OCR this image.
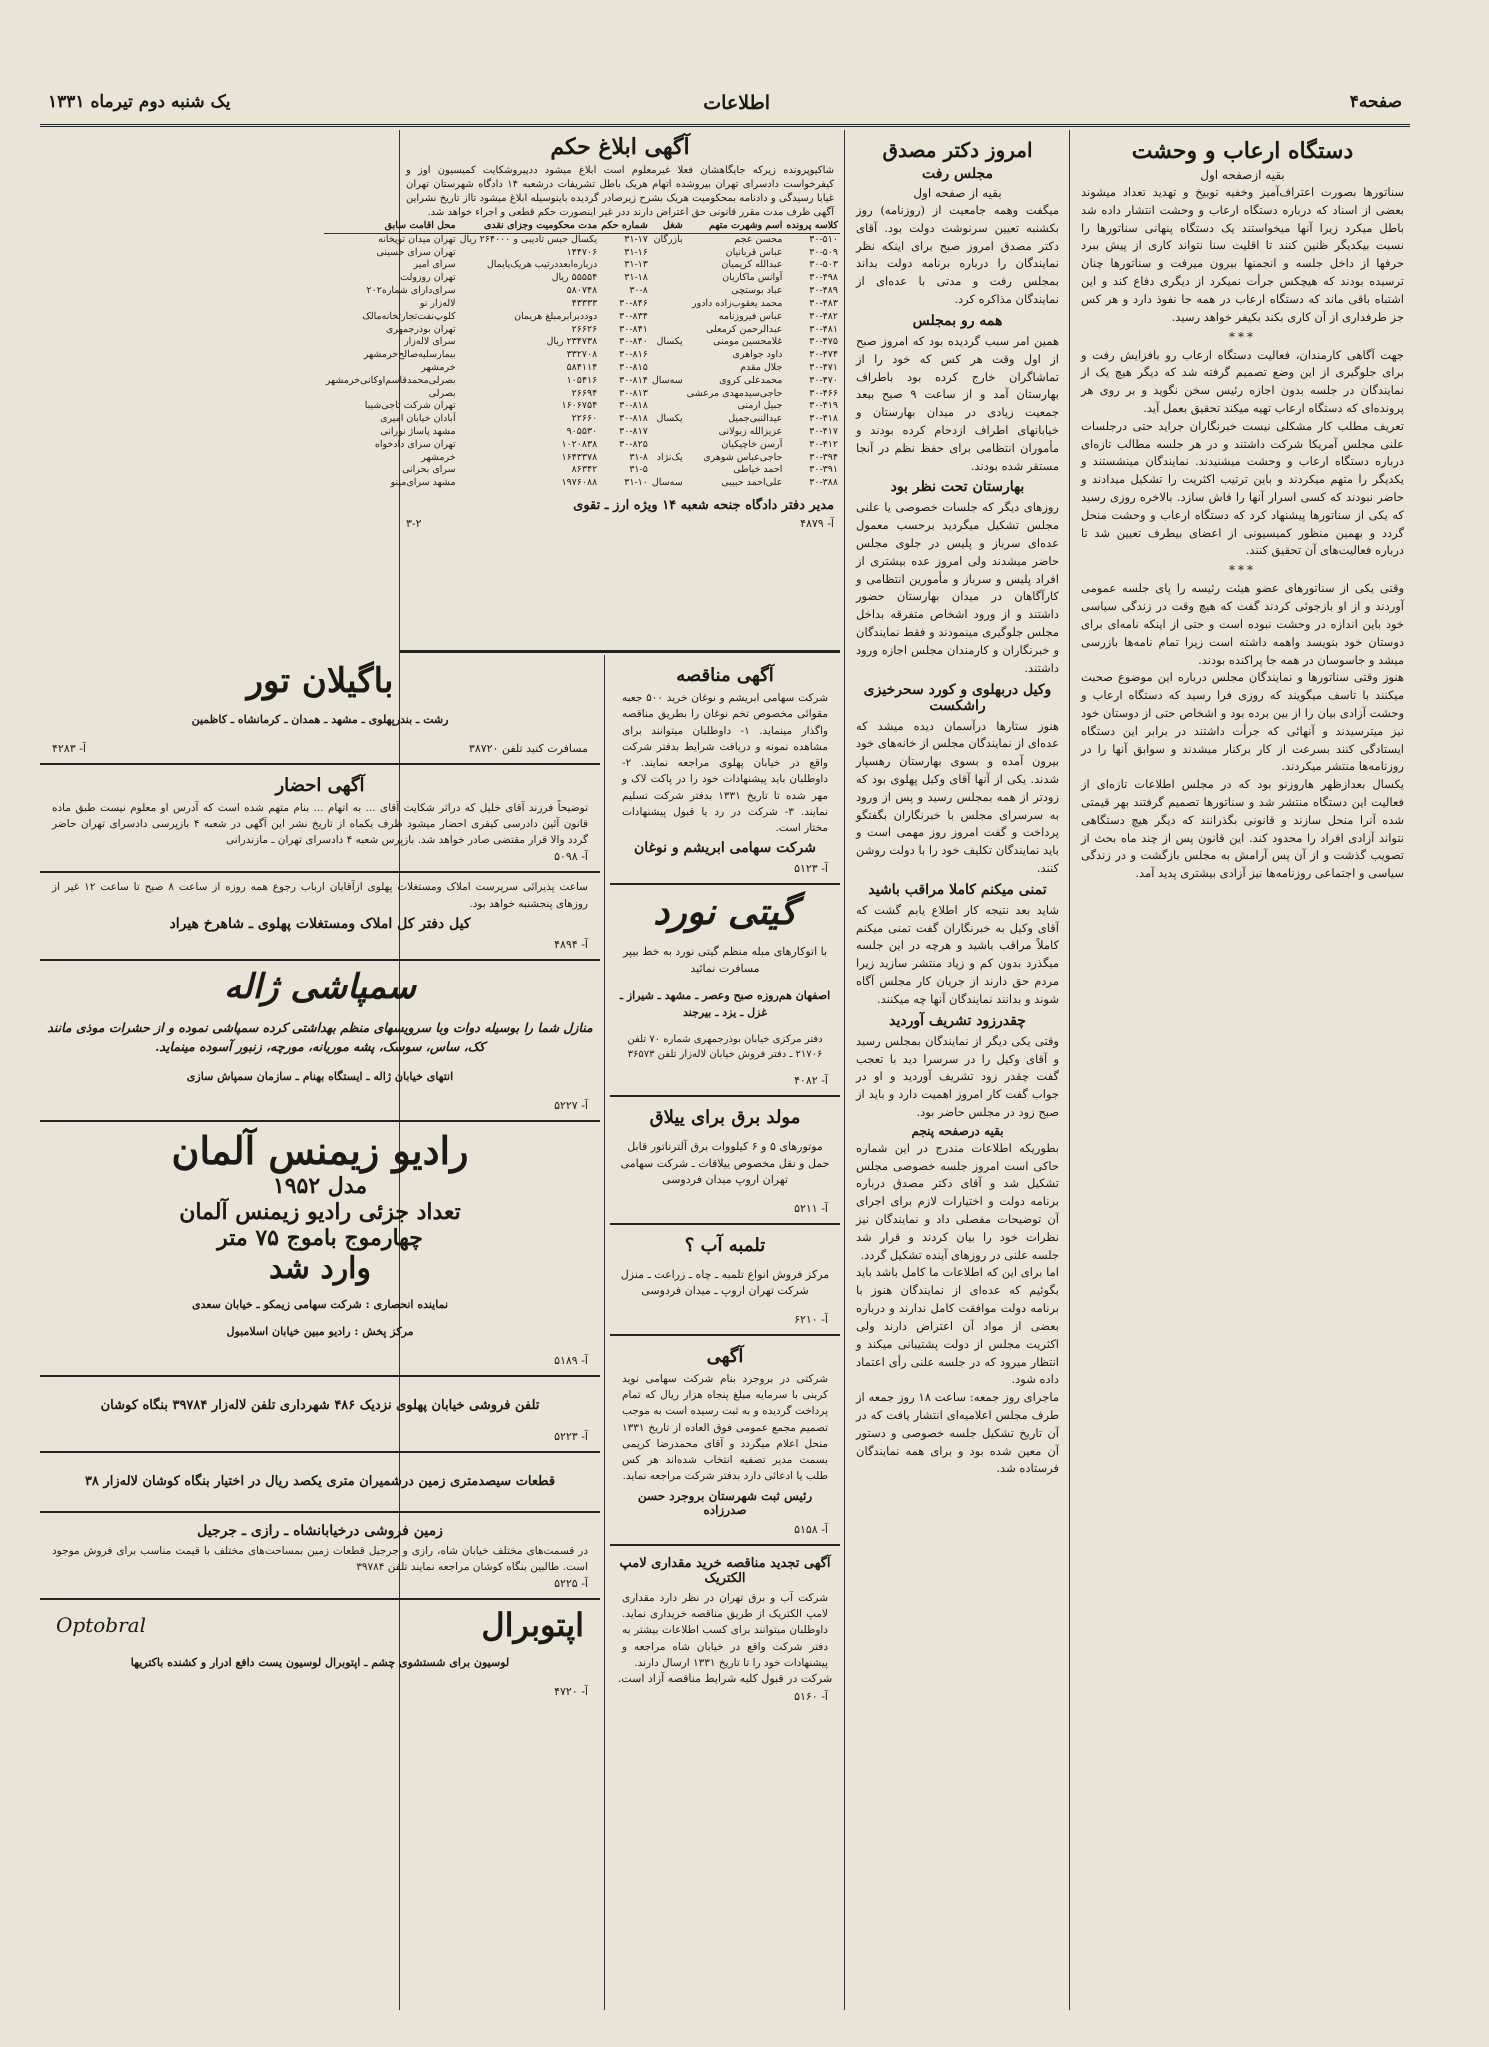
صفحه۴
اطلاعات
یک شنبه دوم تیرماه ۱۳۳۱
دستگاه ارعاب و وحشت
بقیه ازصفحه اول

سناتورها بصورت اعتراف‌آمیز وخفیه توبیخ و تهدید تعداد میشوند بعضی از اسناد که درباره دستگاه ارعاب و وحشت انتشار داده شد باطل میکرد زیرا آنها میخواستند یک دستگاه پنهانی سناتورها را نسبت بیکدیگر ظنین کنند تا اقلیت سنا نتواند کاری از پیش ببرد حرفها از داخل جلسه و انجمنها بیرون میرفت و سناتورها چنان ترسیده بودند که هیچکس جرأت نمیکرد از دیگری دفاع کند و این اشتباه باقی ماند که دستگاه ارعاب در همه جا نفوذ دارد و هر کس جز طرفداری از آن کاری بکند بکیفر خواهد رسید.

***

جهت آگاهی کارمندان، فعالیت دستگاه ارعاب رو بافزایش رفت و برای جلوگیری از این وضع تصمیم گرفته شد که دیگر هیچ یک از نمایندگان در جلسه بدون اجازه رئیس سخن نگوید و بر روی هر پرونده‌ای که دستگاه ارعاب تهیه میکند تحقیق بعمل آید.

تعریف مطلب کار مشکلی نیست خبرنگاران جراید حتی درجلسات علنی مجلس آمریکا شرکت داشتند و در هر جلسه مطالب تازه‌ای درباره دستگاه ارعاب و وحشت میشنیدند. نمایندگان مینشستند و یکدیگر را متهم میکردند و باین ترتیب اکثریت را تشکیل میدادند و حاضر نبودند که کسی اسرار آنها را فاش سازد. بالاخره روزی رسید که یکی از سناتورها پیشنهاد کرد که دستگاه ارعاب و وحشت منحل گردد و بهمین منظور کمیسیونی از اعضای بیطرف تعیین شد تا درباره فعالیت‌های آن تحقیق کنند.

***

وقتی یکی از سناتورهای عضو هیئت رئیسه را پای جلسه عمومی آوردند و از او بازجوئی کردند گفت که هیچ وقت در زندگی سیاسی خود باین اندازه در وحشت نبوده است و حتی از اینکه نامه‌ای برای دوستان خود بنویسد واهمه داشته است زیرا تمام نامه‌ها بازرسی میشد و جاسوسان در همه جا پراکنده بودند.

هنوز وقتی سناتورها و نمایندگان مجلس درباره این موضوع صحبت میکنند با تاسف میگویند که روزی فرا رسید که دستگاه ارعاب و وحشت آزادی بیان را از بین برده بود و اشخاص حتی از دوستان خود نیز میترسیدند و آنهائی که جرأت داشتند در برابر این دستگاه ایستادگی کنند بسرعت از کار برکنار میشدند و سوابق آنها را در روزنامه‌ها منتشر میکردند.

یکسال بعدازظهر هاروزنو بود که در مجلس اطلاعات تازه‌ای از فعالیت این دستگاه منتشر شد و سناتورها تصمیم گرفتند بهر قیمتی شده آنرا منحل سازند و قانونی بگذرانند که دیگر هیچ دستگاهی نتواند آزادی افراد را محدود کند. این قانون پس از چند ماه بحث از تصویب گذشت و از آن پس آرامش به مجلس بازگشت و در زندگی سیاسی و اجتماعی روزنامه‌ها نیز آزادی بیشتری پدید آمد.

امروز دکتر مصدق
مجلس رفت
بقیه از صفحه اول

میگفت وهمه جامعیت از (روزنامه) روز بکشنبه تعیین سرنوشت دولت بود. آقای دکتر مصدق امروز صبح برای اینکه نظر نمایندگان را درباره برنامه دولت بداند بمجلس رفت و مدتی با عده‌ای از نمایندگان مذاکره کرد.

همه رو بمجلس

همین امر سبب گردیده بود که امروز صبح از اول وقت هر کس که خود را از تماشاگران خارج کرده بود باطراف بهارستان آمد و از ساعت ۹ صبح ببعد جمعیت زیادی در میدان بهارستان و خیابانهای اطراف ازدحام کرده بودند و مأموران انتظامی برای حفظ نظم در آنجا مستقر شده بودند.

بهارستان تحت نظر بود

روزهای دیگر که جلسات خصوصی یا علنی مجلس تشکیل میگردید برحسب معمول عده‌ای سرباز و پلیس در جلوی مجلس حاضر میشدند ولی امروز عده بیشتری از افراد پلیس و سرباز و مأمورین انتظامی و کارآگاهان در میدان بهارستان حضور داشتند و از ورود اشخاص متفرقه بداخل مجلس جلوگیری مینمودند و فقط نمایندگان و خبرنگاران و کارمندان مجلس اجازه ورود داشتند.

وکیل دربهلوی و کورد سحرخیزی راشکست

هنوز ستارها درآسمان دیده میشد که عده‌ای از نمایندگان مجلس از خانه‌های خود بیرون آمده و بسوی بهارستان رهسپار شدند. یکی از آنها آقای وکیل پهلوی بود که زودتر از همه بمجلس رسید و پس از ورود به سرسرای مجلس با خبرنگاران بگفتگو پرداخت و گفت امروز روز مهمی است و باید نمایندگان تکلیف خود را با دولت روشن کنند.

تمنی میکنم کاملا مراقب باشید

شاید بعد نتیجه کار اطلاع یابم گشت که آقای وکیل به خبرنگاران گفت تمنی میکنم کاملاً مراقب باشید و هرچه در این جلسه میگذرد بدون کم و زیاد منتشر سازید زیرا مردم حق دارند از جریان کار مجلس آگاه شوند و بدانند نمایندگان آنها چه میکنند.

چقدرزود تشریف آوردید

وقتی یکی دیگر از نمایندگان بمجلس رسید و آقای وکیل را در سرسرا دید با تعجب گفت چقدر زود تشریف آوردید و او در جواب گفت کار امروز اهمیت دارد و باید از صبح زود در مجلس حاضر بود.

بقیه درصفحه پنجم

بطوریکه اطلاعات مندرج در این شماره حاکی است امروز جلسه خصوصی مجلس تشکیل شد و آقای دکتر مصدق درباره برنامه دولت و اختیارات لازم برای اجرای آن توضیحات مفصلی داد و نمایندگان نیز نظرات خود را بیان کردند و قرار شد جلسه علنی در روزهای آینده تشکیل گردد.

اما برای این که اطلاعات ما کامل باشد باید بگوئیم که عده‌ای از نمایندگان هنوز با برنامه دولت موافقت کامل ندارند و درباره بعضی از مواد آن اعتراض دارند ولی اکثریت مجلس از دولت پشتیبانی میکند و انتظار میرود که در جلسه علنی رأی اعتماد داده شود.

ماجرای روز جمعه: ساعت ۱۸ روز جمعه از طرف مجلس اعلامیه‌ای انتشار یافت که در آن تاریخ تشکیل جلسه خصوصی و دستور آن معین شده بود و برای همه نمایندگان فرستاده شد.

آگهی ابلاغ حکم

شاکیوپرونده زیرکه جایگاهشان فعلا غیرمعلوم است ابلاغ میشود ددپیروشکایت کمیسیون اوز و کیفرخواست دادسرای تهران بیروشده اتهام هریک باطل تشریفات درشعبه ۱۴ دادگاه شهرستان تهران غیابا رسیدگی و دادنامه بمحکومیت هریک بشرح زیرصادر گردیده باینوسیله ابلاغ میشود تااز تاریخ نشراین آگهی ظرف مدت مقرر قانونی حق اعتراض دارند ددر غیر اینصورت حکم قطعی و اجراء خواهد شد.

کلاسه پرونده	اسم وشهرت متهم	شغل	شماره حکم	مدت محکومیت وجزای نقدی	محل اقامت سابق
۳۰-۵۱۰	محسن عجم	بازرگان	۳۱-۱۷	یکسال حبس تادیبی و ۲۶۴۰۰۰ ریال	تهران میدان توپخانه
۳۰-۵۰۹	عباس قربانیان		۳۱-۱۶	۱۴۴۷۰۶	تهران سرای حسینی
۳۰-۵۰۳	عبدالله کریمیان		۳۱-۱۳	درباره‌ابعددرتیب هریک‌پایمال	سرای امیر
۳۰-۴۹۸	آوانس ماکاریان		۳۱-۱۸	۵۵۵۵۴ ریال	تهران روزولت
۳۰-۴۸۹	عباد بوستچی		۳۰-۸	۵۸۰۷۴۸	سرای‌دارای شماره۲۰۲
۳۰-۴۸۳	محمد یعقوب‌زاده دادور		۳۰-۸۴۶	۴۳۳۳۳	لاله‌زار نو
۳۰-۴۸۲	عباس فیروزنامه		۳۰-۸۳۴	دوددبرابرمبلغ هریمان	کلوپ‌نفت‌تجارتخانه‌مالک
۳۰-۴۸۱	عبدالرحمن کرمعلی		۳۰-۸۴۱	۲۶۶۲۶	تهران بوذرجمهری
۳۰-۴۷۵	غلامحسین مومنی	یکسال	۳۰-۸۴۰	۲۳۴۷۳۸ ریال	سرای لاله‌زار
۳۰-۴۷۴	داود جواهری		۳۰-۸۱۶	۳۳۲۷۰۸	بیمارسلیه‌صالح‌خرمشهر
۳۰-۴۷۱	جلال مقدم		۳۰-۸۱۵	۵۸۴۱۱۴	خرمشهر
۳۰-۴۷۰	محمدعلی کروی	سه‌سال	۳۰-۸۱۴	۱۰۵۴۱۶	بصرلی‌محمدقاسم‌اوکانی‌خرمشهر
۳۰-۴۶۶	حاجی‌سیدمهدی مرعشی		۳۰-۸۱۳	۲۶۶۹۴	بصرلی
۳۰-۴۱۹	جبیل ارمنی		۳۰-۸۱۸	۱۶۰۶۷۵۴	تهران شرکت تاجی‌شیبا
۳۰-۴۱۸	عیدالنبی‌جمیل	یکسال	۳۰-۸۱۸	۲۲۶۶۰	آبادان خیابان امیری
۳۰-۴۱۷	عزیزالله زبولانی		۳۰-۸۱۷	۹۰۵۵۳۰	مشهد پاساژ نورانی
۳۰-۴۱۲	آرسن خاچیکیان		۳۰-۸۲۵	۱۰۲۰۸۳۸	تهران سرای دادخواه
۳۰-۳۹۴	حاجی‌عباس شوهری	یک‌نژاد	۳۱-۸	۱۶۴۳۳۷۸	خرمشهر
۳۰-۳۹۱	احمد خیاطی		۳۱-۵	۸۶۳۴۲	سرای بحرانی
۳۰-۳۸۸	علی‌احمد حبیبی	سه‌سال	۳۱-۱۰	۱۹۷۶۰۸۸	مشهد سرای‌مینو
مدیر دفتر دادگاه جنحه شعبه ۱۴ ویژه ارز ـ تقوی
آ- ۴۸۷۹
۳-۲
آگهی مناقصه

شرکت سهامی ابریشم و نوغان خرید ۵۰۰ جعبه مقوائی مخصوص تخم نوغان را بطریق مناقصه واگذار مینماید. ۱- داوطلبان میتوانند برای مشاهده نمونه و دریافت شرایط بدفتر شرکت واقع در خیابان پهلوی مراجعه نمایند. ۲- داوطلبان باید پیشنهادات خود را در پاکت لاک و مهر شده تا تاریخ ۱۳۳۱ بدفتر شرکت تسلیم نمایند. ۳- شرکت در رد یا قبول پیشنهادات مختار است.

شرکت سهامی ابریشم و نوغان
آ- ۵۱۲۳
گیتی نورد

با اتوکارهای مبله منظم گیتی نورد به خط بیپر مسافرت نمائید

اصفهان هم‌روزه صبح وعصر ـ مشهد ـ شیراز ـ غزل ـ یزد ـ بیرجند

دفتر مرکزی خیابان بوذرجمهری شماره ۷۰ تلفن ۲۱۷۰۶ ـ دفتر فروش خیابان لاله‌زار تلفن ۳۶۵۷۳

آ- ۴۰۸۲
مولد برق برای ییلاق

موتورهای ۵ و ۶ کیلووات برق آلترناتور قابل حمل و نقل مخصوص ییلاقات ـ شرکت سهامی تهران اروپ میدان فردوسی

آ- ۵۲۱۱
تلمبه آب ؟

مرکز فروش انواع تلمبه ـ چاه ـ زراعت ـ منزل شرکت تهران اروپ ـ میدان فردوسی

آ- ۶۲۱۰
آگهی

شرکتی در بروجرد بنام شرکت سهامی نوید کربنی با سرمایه مبلغ پنجاه هزار ریال که تمام پرداخت گردیده و به ثبت رسیده است به موجب تصمیم مجمع عمومی فوق العاده از تاریخ ۱۳۳۱ منحل اعلام میگردد و آقای محمدرضا کریمی بسمت مدیر تصفیه انتخاب شده‌اند هر کس طلب یا ادعائی دارد بدفتر شرکت مراجعه نماید.

رئیس ثبت شهرستان بروجرد حسن صدرزاده
آ- ۵۱۵۸
آگهی تجدید مناقصه خرید مقداری لامپ الکتریک

شرکت آب و برق تهران در نظر دارد مقداری لامپ الکتریک از طریق مناقصه خریداری نماید. داوطلبان میتوانند برای کسب اطلاعات بیشتر به دفتر شرکت واقع در خیابان شاه مراجعه و پیشنهادات خود را تا تاریخ ۱۳۳۱ ارسال دارند.

شرکت در قبول کلیه شرایط مناقصه آزاد است.
آ- ۵۱۶۰
باگیلان تور

رشت ـ بندرپهلوی ـ مشهد ـ همدان ـ کرمانشاه ـ کاظمین

مسافرت کنید تلفن ۳۸۷۲۰
آ- ۴۲۸۳
آگهی احضار

توضیحاً فرزند آقای خلیل که دراثر شکایت آقای ... به اتهام ... بنام متهم شده است که آدرس او معلوم نیست طبق ماده قانون آئین دادرسی کیفری احضار میشود ظرف یکماه از تاریخ نشر این آگهی در شعبه ۴ بازپرسی دادسرای تهران حاضر گردد والا قرار مقتضی صادر خواهد شد. بازپرس شعبه ۴ دادسرای تهران ـ مازندرانی

آ- ۵۰۹۸

ساعت پذیرائی سرپرست املاک ومستغلات پهلوی ازآقایان ارباب رجوع همه روزه از ساعت ۸ صبح تا ساعت ۱۲ غیر از روزهای پنجشنبه خواهد بود.

کیل دفتر کل املاک ومستغلات پهلوی ـ شاهرخ هیراد
آ- ۴۸۹۴
سمپاشی ژاله

منازل شما را بوسیله دوات وبا سرویسهای منظم بهداشتی کرده سمپاشی نموده و از حشرات موذی مانند کک، ساس، سوسک، پشه موریانه، مورچه، زنبور آسوده مینماید.

انتهای خیابان ژاله ـ ایستگاه بهنام ـ سازمان سمپاش سازی

آ- ۵۲۲۷
رادیو زیمنس آلمان
مدل ۱۹۵۲
تعداد جزئی رادیو زیمنس آلمان
چهارموج باموج ۷۵ متر
وارد شد

نماینده انحصاری : شرکت سهامی زیمکو ـ خیابان سعدی

مرکز پخش : رادیو مبین خیابان اسلامبول

آ- ۵۱۸۹

تلفن فروشی خیابان پهلوی نزدیک ۴۸۶ شهرداری تلفن لاله‌زار ۳۹۷۸۴ بنگاه کوشان

آ- ۵۲۲۳

قطعات سیصدمتری زمین درشمیران متری یکصد ریال در اختیار بنگاه کوشان لاله‌زار ۳۸

زمین فروشی درخیابانشاه ـ رازی ـ جرجیل

در قسمت‌های مختلف خیابان شاه، رازی و جرجیل قطعات زمین بمساحت‌های مختلف با قیمت مناسب برای فروش موجود است. طالبین بنگاه کوشان مراجعه نمایند تلفن ۳۹۷۸۴

آ- ۵۲۲۵
اپتوبرال
Optobral

لوسیون برای شستشوی چشم ـ اپتوبرال لوسیون یست دافع ادرار و کشنده باکتریها

آ- ۴۷۲۰
